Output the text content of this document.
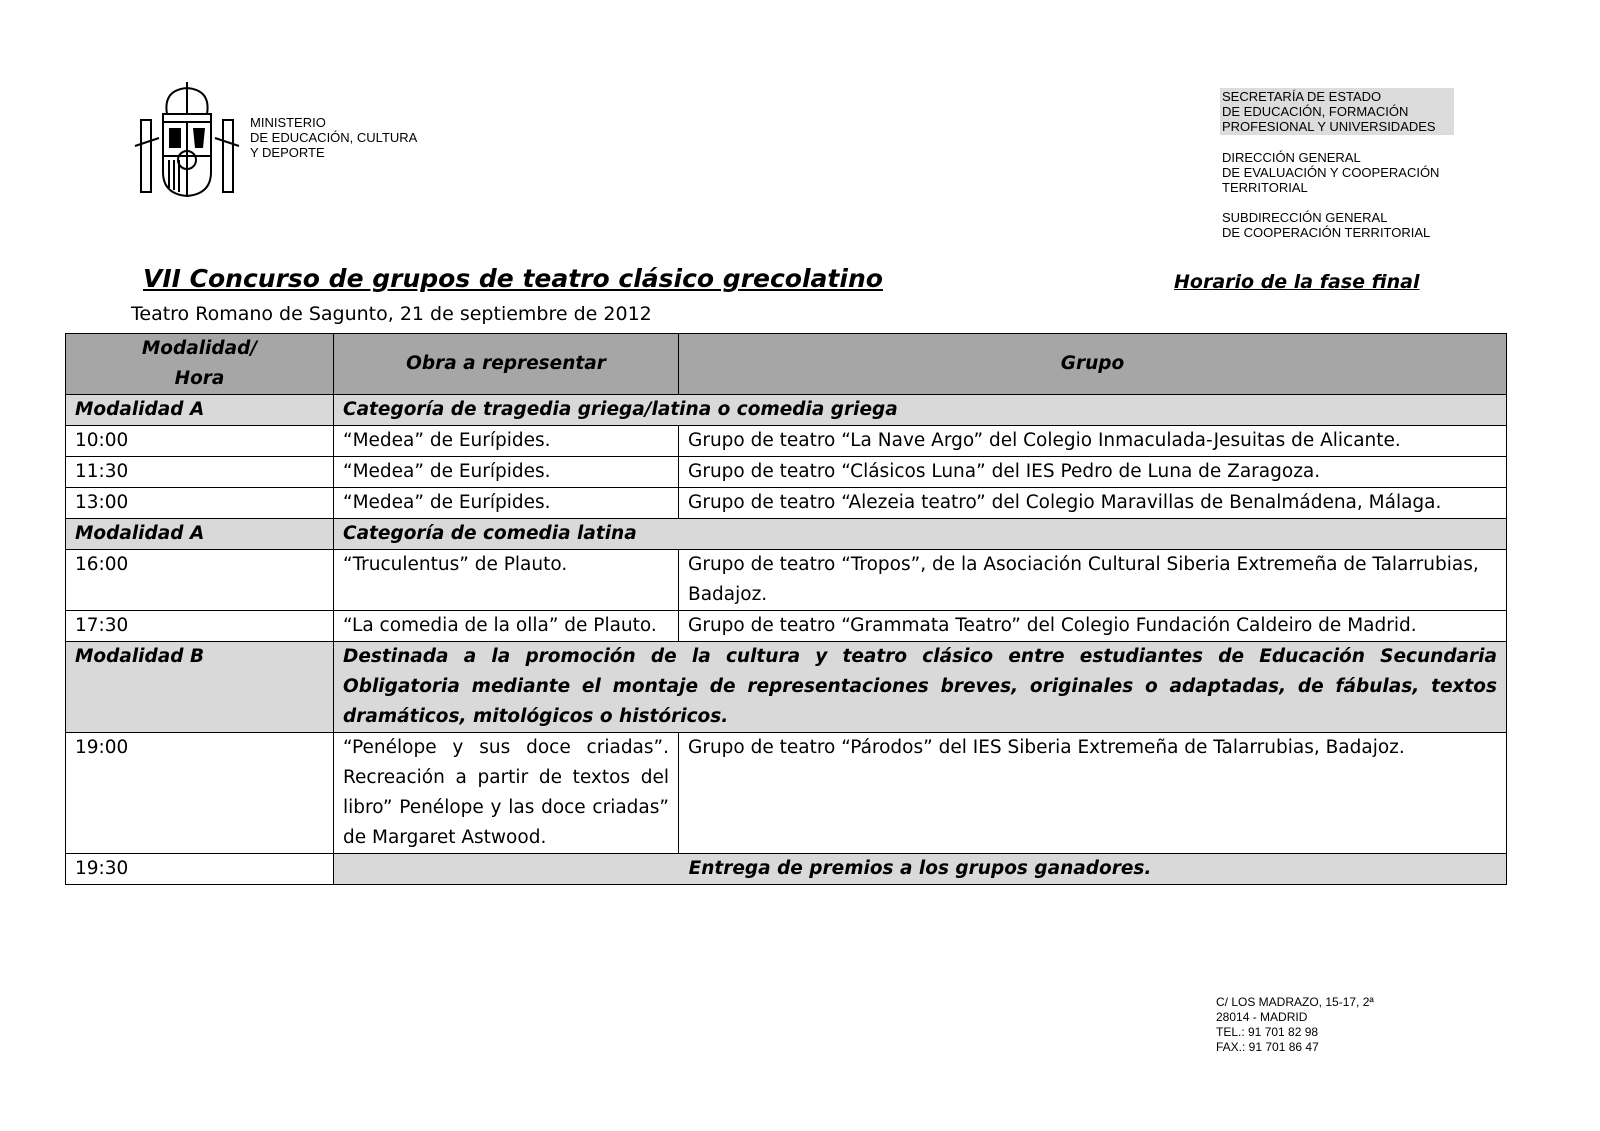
MINISTERIO
DE EDUCACIÓN, CULTURA
Y DEPORTE
SECRETARÍA DE ESTADO
DE EDUCACIÓN, FORMACIÓN
PROFESIONAL Y UNIVERSIDADES
DIRECCIÓN GENERAL
DE EVALUACIÓN Y COOPERACIÓN
TERRITORIAL
SUBDIRECCIÓN GENERAL
DE COOPERACIÓN TERRITORIAL
VII Concurso de grupos de teatro clásico grecolatino	Horario de la fase final
Teatro Romano de Sagunto, 21 de septiembre de 2012
Modalidad/ Hora	Obra a representar	Grupo
Modalidad A	Categoría de tragedia griega/latina o comedia griega	
10:00	“Medea” de Eurípides.	Grupo de teatro “La Nave Argo” del Colegio Inmaculada-Jesuitas de Alicante.
11:30	“Medea” de Eurípides.	Grupo de teatro “Clásicos Luna” del IES Pedro de Luna de Zaragoza.
13:00	“Medea” de Eurípides.	Grupo de teatro “Alezeia teatro” del Colegio Maravillas de Benalmádena, Málaga.
Modalidad A	Categoría de comedia latina	
16:00	“Truculentus” de Plauto.	Grupo de teatro “Tropos”, de la Asociación Cultural Siberia Extremeña de Talarrubias, Badajoz.
17:30	“La comedia de la olla” de Plauto.	Grupo de teatro “Grammata Teatro” del Colegio Fundación Caldeiro de Madrid.
Modalidad B	Destinada a la promoción de la cultura y teatro clásico entre estudiantes de Educación Secundaria Obligatoria mediante el montaje de representaciones breves, originales o adaptadas, de fábulas, textos dramáticos, mitológicos o históricos.	
19:00	“Penélope y sus doce criadas”. Recreación a partir de textos del libro” Penélope y las doce criadas” de Margaret Astwood.	Grupo de teatro “Párodos” del IES Siberia Extremeña de Talarrubias, Badajoz.
19:30	Entrega de premios a los grupos ganadores.	
C/ LOS MADRAZO, 15-17, 2ª
28014 - MADRID
TEL.: 91 701 82 98
FAX.: 91 701 86 47
